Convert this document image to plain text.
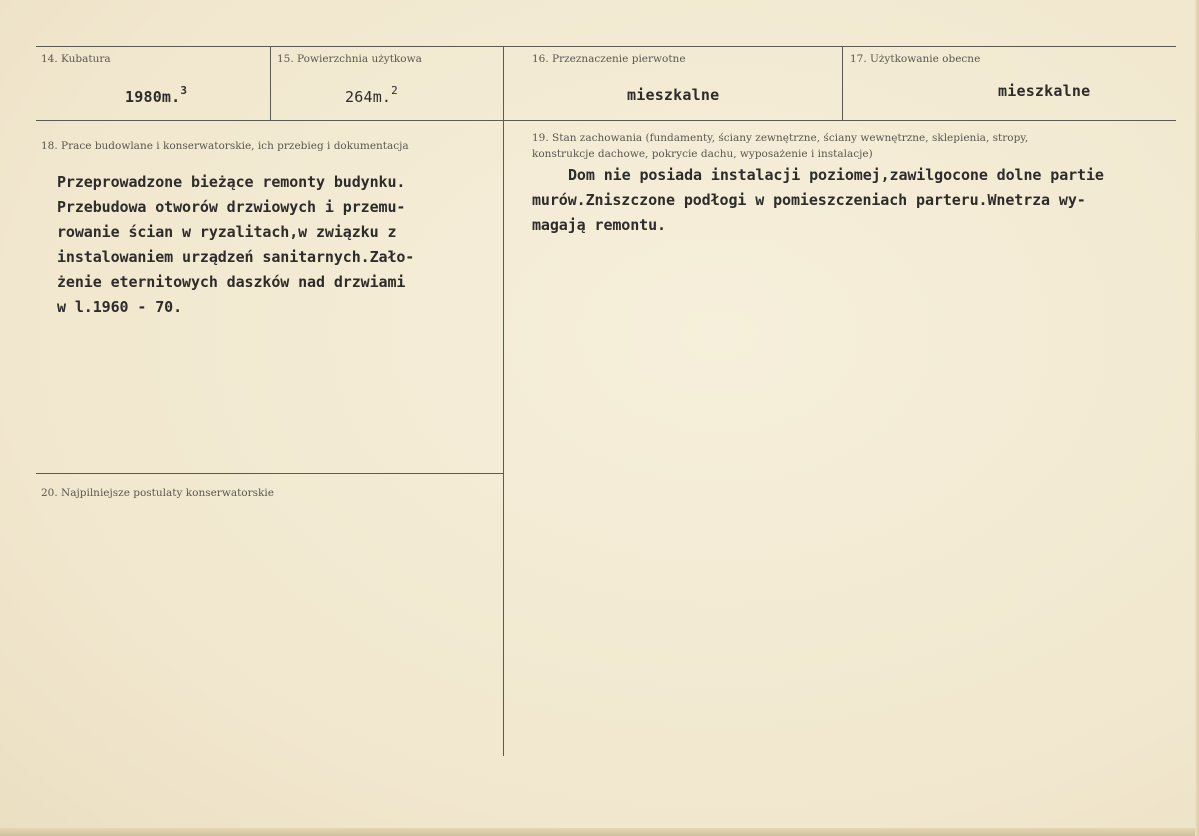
14. Kubatura
1980m.$^3$
15. Powierzchnia użytkowa
264m.$^2$
16. Przeznaczenie pierwotne
mieszkalne
17. Użytkowanie obecne
mieszkalne
18. Prace budowlane i konserwatorskie, ich przebieg i dokumentacja
Przeprowadzone bieżące remonty budynku.
Przebudowa otworów drzwiowych i przemu-
rowanie ścian w ryzalitach,w związku z
instalowaniem urządzeń sanitarnych.Zało-
żenie eternitowych daszków nad drzwiami
w l.1960 - 70.
19. Stan zachowania (fundamenty, ściany zewnętrzne, ściany wewnętrzne, sklepienia, stropy,
konstrukcje dachowe, pokrycie dachu, wyposażenie i instalacje)
Dom nie posiada instalacji poziomej,zawilgocone dolne partie
murów.Zniszczone podłogi w pomieszczeniach parteru.Wnetrza wy-
magają remontu.
20. Najpilniejsze postulaty konserwatorskie
